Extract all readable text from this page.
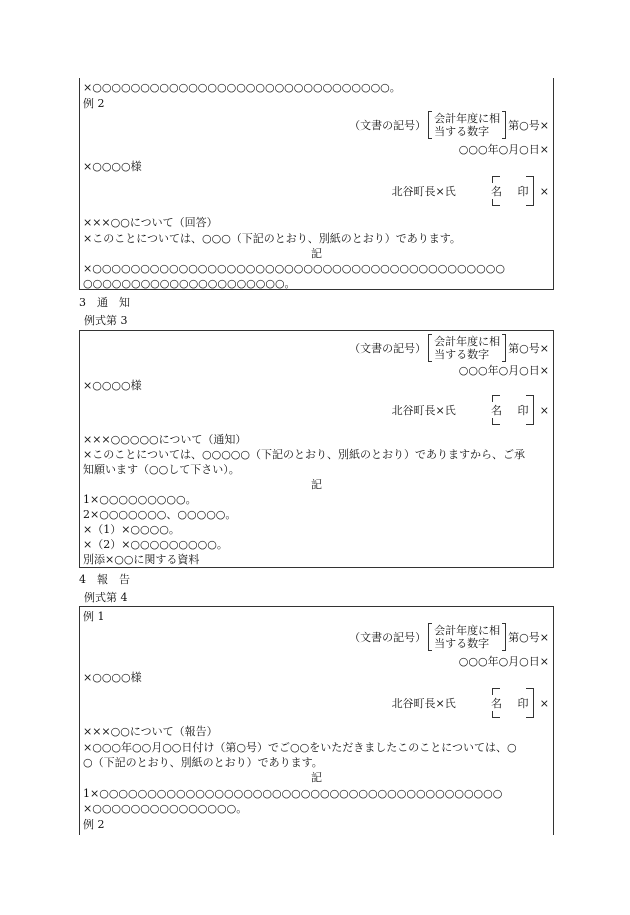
×○○○○○○○○○○○○○○○○○○○○○○○○○○○○○○○。
例 2
（文書の記号） 会計年度に相
当する数字	第○号×
○○○年○月○日×
×○○○○様
北谷町長×氏	名 印 ×
×××○○について（回答）
×このことについては、○○○（下記のとおり、別紙のとおり）であります。
記
×○○○○○○○○○○○○○○○○○○○○○○○○○○○○○○○○○○○○○○○○○○○
○○○○○○○○○○○○○○○○○○○○○。
3　通　知
例式第 3
（文書の記号） 会計年度に相
当する数字	第○号×
○○○年○月○日×
×○○○○様
北谷町長×氏	名 印 ×
×××○○○○○について（通知）
×このことについては、○○○○○（下記のとおり、別紙のとおり）でありますから、ご承
知願います（○○して下さい）。
記
1×○○○○○○○○○。
2×○○○○○○○、○○○○○。
×（1）×○○○○。
×（2）×○○○○○○○○○。
別添×○○に関する資料
4　報　告
例式第 4
例 1
（文書の記号） 会計年度に相
当する数字	第○号×
○○○年○月○日×
×○○○○様
北谷町長×氏	名 印 ×
×××○○について（報告）
×○○○年○○月○○日付け（第○号）でご○○をいただきましたこのことについては、○
○（下記のとおり、別紙のとおり）であります。
記
1×○○○○○○○○○○○○○○○○○○○○○○○○○○○○○○○○○○○○○○○○○○
×○○○○○○○○○○○○○○○。
例 2
